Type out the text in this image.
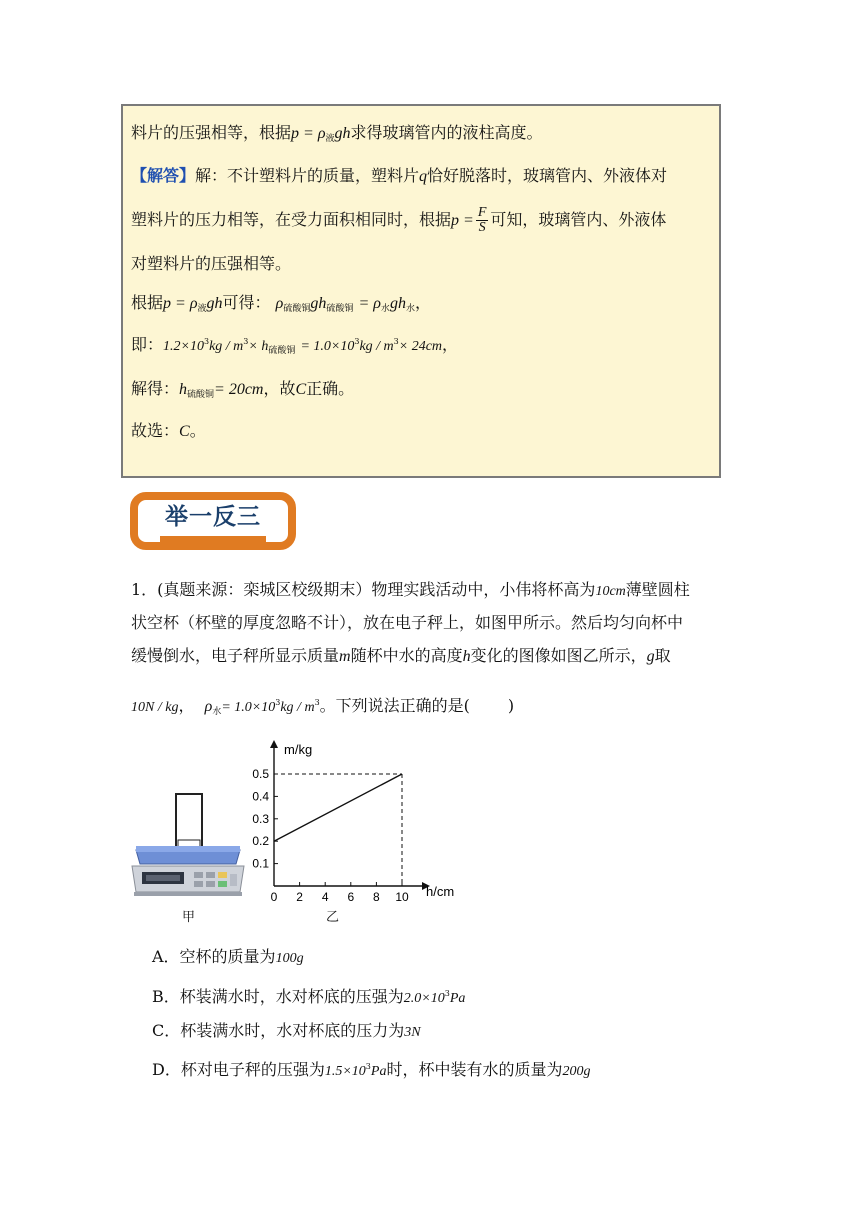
料片的压强相等，根据$p = \rho_液gh$求得玻璃管内的液柱高度。
【解答】解：不计塑料片的质量，塑料片q恰好脱落时，玻璃管内、外液体对
塑料片的压力相等，在受力面积相同时，根据$p = \frac{F}{S}$ 可知，玻璃管内、外液体
对塑料片的压强相等。
根据$p = \rho_液gh$可得： $\rho_{硫酸铜}gh_{硫酸铜} = \rho_水gh_水$，
即：$1.2\times 10^3kg / m^3\times h_{硫酸铜} = 1.0\times 10^3kg / m^3\times 24cm$，
解得：$h_{硫酸铜}= 20cm$，故C正确。
故选：C。
举一反三
1．(真题来源：栾城区校级期末）物理实践活动中，小伟将杯高为10cm薄壁圆柱
状空杯（杯壁的厚度忽略不计），放在电子秤上，如图甲所示。然后均匀向杯中
缓慢倒水，电子秤所显示质量m随杯中水的高度h变化的图像如图乙所示，g取
10N / kg， $\rho_水= 1.0\times 10^3kg / m^3$。下列说法正确的是( )
甲
m/kg
h/cm
0 2 4 6 8 10
0.1
0.2
0.3
0.4
0.5
乙
A．空杯的质量为100g
B．杯装满水时，水对杯底的压强为$2.0\times 10^3Pa$
C．杯装满水时，水对杯底的压力为3N
D．杯对电子秤的压强为$1.5\times 10^3Pa$时，杯中装有水的质量为200g
